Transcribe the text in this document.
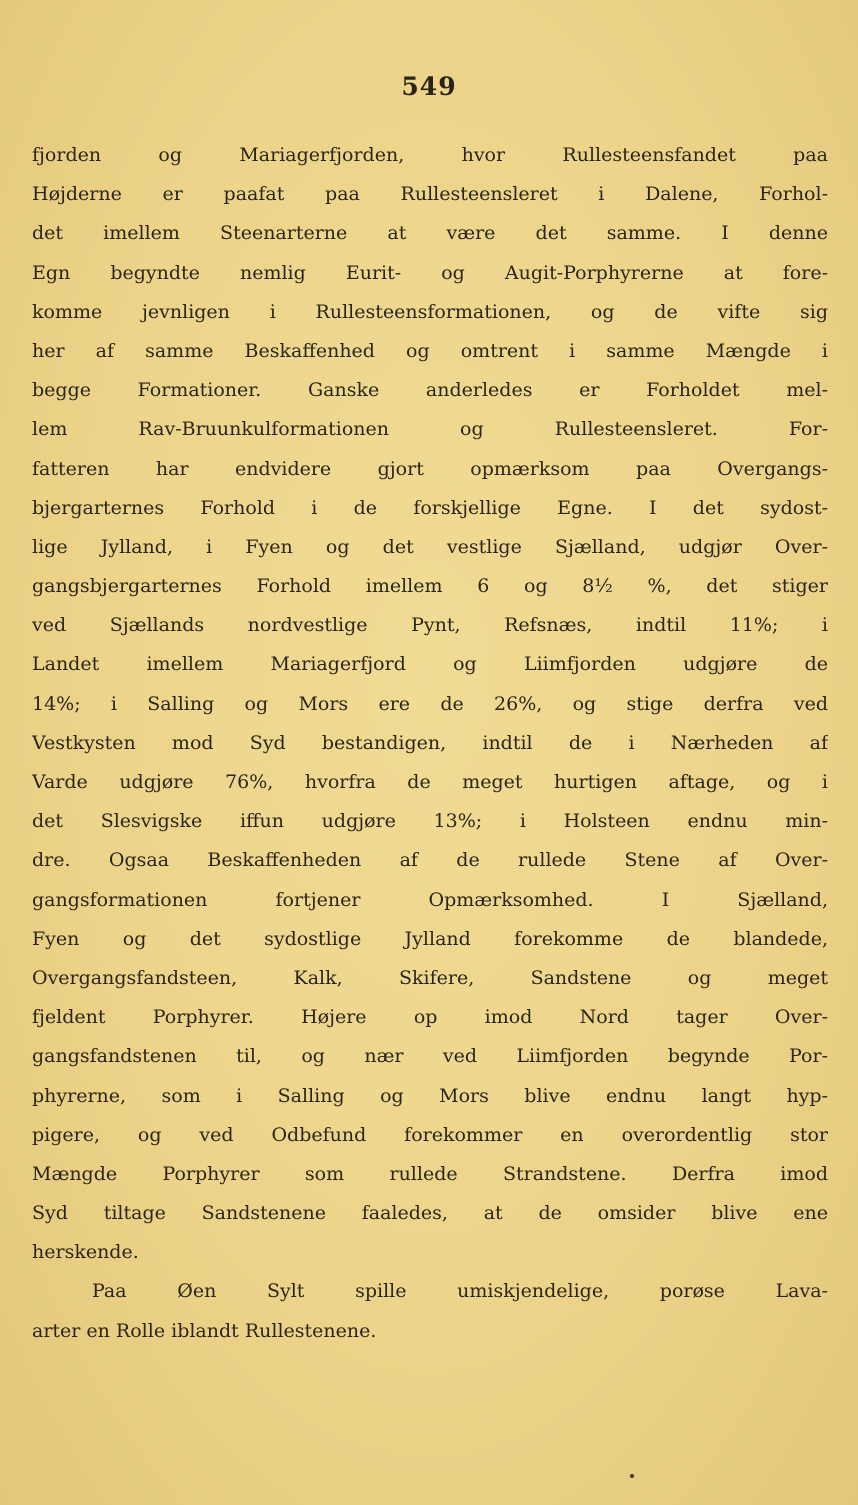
549
fjorden og Mariagerfjorden, hvor Rullesteensfandet paa
Højderne er paafat paa Rullesteensleret i Dalene, Forhol-
det imellem Steenarterne at være det samme. I denne
Egn begyndte nemlig Eurit- og Augit-Porphyrerne at fore-
komme jevnligen i Rullesteensformationen, og de vifte sig
her af samme Beskaffenhed og omtrent i samme Mængde i
begge Formationer. Ganske anderledes er Forholdet mel-
lem Rav-Bruunkulformationen og Rullesteensleret. For-
fatteren har endvidere gjort opmærksom paa Overgangs-
bjergarternes Forhold i de forskjellige Egne. I det sydost-
lige Jylland, i Fyen og det vestlige Sjælland, udgjør Over-
gangsbjergarternes Forhold imellem 6 og 8½ %, det stiger
ved Sjællands nordvestlige Pynt, Refsnæs, indtil 11%; i
Landet imellem Mariagerfjord og Liimfjorden udgjøre de
14%; i Salling og Mors ere de 26%, og stige derfra ved
Vestkysten mod Syd bestandigen, indtil de i Nærheden af
Varde udgjøre 76%, hvorfra de meget hurtigen aftage, og i
det Slesvigske iffun udgjøre 13%; i Holsteen endnu min-
dre. Ogsaa Beskaffenheden af de rullede Stene af Over-
gangsformationen fortjener Opmærksomhed. I Sjælland,
Fyen og det sydostlige Jylland forekomme de blandede,
Overgangsfandsteen, Kalk, Skifere, Sandstene og meget
fjeldent Porphyrer. Højere op imod Nord tager Over-
gangsfandstenen til, og nær ved Liimfjorden begynde Por-
phyrerne, som i Salling og Mors blive endnu langt hyp-
pigere, og ved Odbefund forekommer en overordentlig stor
Mængde Porphyrer som rullede Strandstene. Derfra imod
Syd tiltage Sandstenene faaledes, at de omsider blive ene
herskende.
Paa Øen Sylt spille umiskjendelige, porøse Lava-
arter en Rolle iblandt Rullestenene.
